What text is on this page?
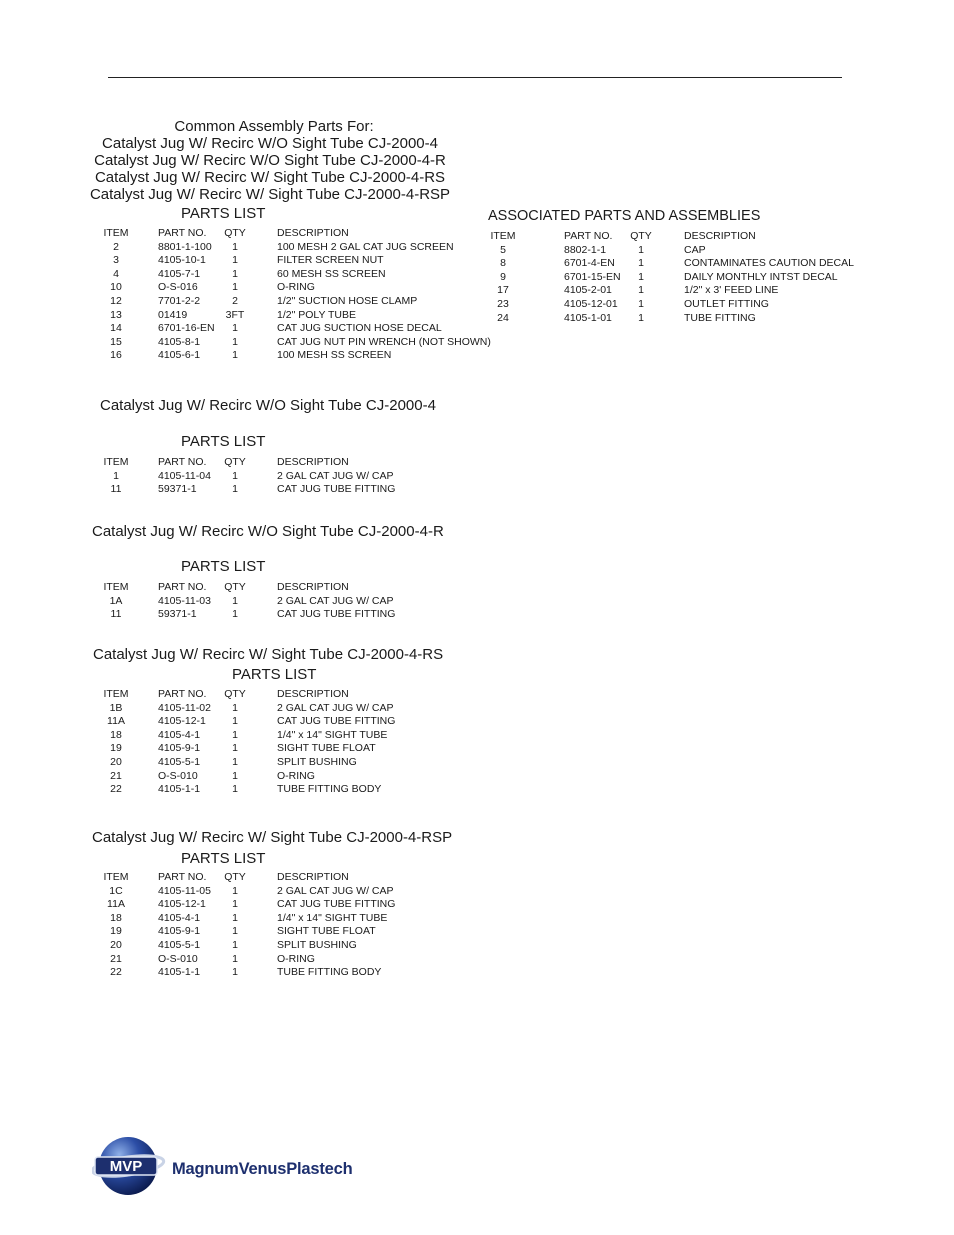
Common Assembly Parts For:
Catalyst Jug W/ Recirc W/O Sight Tube CJ-2000-4
Catalyst Jug W/ Recirc W/O Sight Tube CJ-2000-4-R
Catalyst Jug W/ Recirc W/ Sight Tube CJ-2000-4-RS
Catalyst Jug W/ Recirc W/ Sight Tube CJ-2000-4-RSP
PARTS LIST
ITEM	PART NO.	QTY	DESCRIPTION
2	8801-1-100	1	100 MESH 2 GAL CAT JUG SCREEN
3	4105-10-1	1	FILTER SCREEN NUT
4	4105-7-1	1	60 MESH SS SCREEN
10	O-S-016	1	O-RING
12	7701-2-2	2	1/2" SUCTION HOSE CLAMP
13	01419	3FT	1/2" POLY TUBE
14	6701-16-EN	1	CAT JUG SUCTION HOSE DECAL
15	4105-8-1	1	CAT JUG NUT PIN WRENCH (NOT SHOWN)
16	4105-6-1	1	100 MESH SS SCREEN
ASSOCIATED PARTS AND ASSEMBLIES
ITEM	PART NO.	QTY	DESCRIPTION
5	8802-1-1	1	CAP
8	6701-4-EN	1	CONTAMINATES CAUTION DECAL
9	6701-15-EN	1	DAILY MONTHLY INTST DECAL
17	4105-2-01	1	1/2" x 3' FEED LINE
23	4105-12-01	1	OUTLET FITTING
24	4105-1-01	1	TUBE FITTING
Catalyst Jug W/ Recirc W/O Sight Tube CJ-2000-4
PARTS LIST
ITEM	PART NO.	QTY	DESCRIPTION
1	4105-11-04	1	2 GAL CAT JUG W/ CAP
11	59371-1	1	CAT JUG TUBE FITTING
Catalyst Jug W/ Recirc W/O Sight Tube CJ-2000-4-R
PARTS LIST
ITEM	PART NO.	QTY	DESCRIPTION
1A	4105-11-03	1	2 GAL CAT JUG W/ CAP
11	59371-1	1	CAT JUG TUBE FITTING
Catalyst Jug W/ Recirc W/ Sight Tube CJ-2000-4-RS
PARTS LIST
ITEM	PART NO.	QTY	DESCRIPTION
1B	4105-11-02	1	2 GAL CAT JUG W/ CAP
11A	4105-12-1	1	CAT JUG TUBE FITTING
18	4105-4-1	1	1/4" x 14" SIGHT TUBE
19	4105-9-1	1	SIGHT TUBE FLOAT
20	4105-5-1	1	SPLIT BUSHING
21	O-S-010	1	O-RING
22	4105-1-1	1	TUBE FITTING BODY
Catalyst Jug W/ Recirc W/ Sight Tube CJ-2000-4-RSP
PARTS LIST
ITEM	PART NO.	QTY	DESCRIPTION
1C	4105-11-05	1	2 GAL CAT JUG W/ CAP
11A	4105-12-1	1	CAT JUG TUBE FITTING
18	4105-4-1	1	1/4" x 14" SIGHT TUBE
19	4105-9-1	1	SIGHT TUBE FLOAT
20	4105-5-1	1	SPLIT BUSHING
21	O-S-010	1	O-RING
22	4105-1-1	1	TUBE FITTING BODY
MVP MagnumVenusPlastech
